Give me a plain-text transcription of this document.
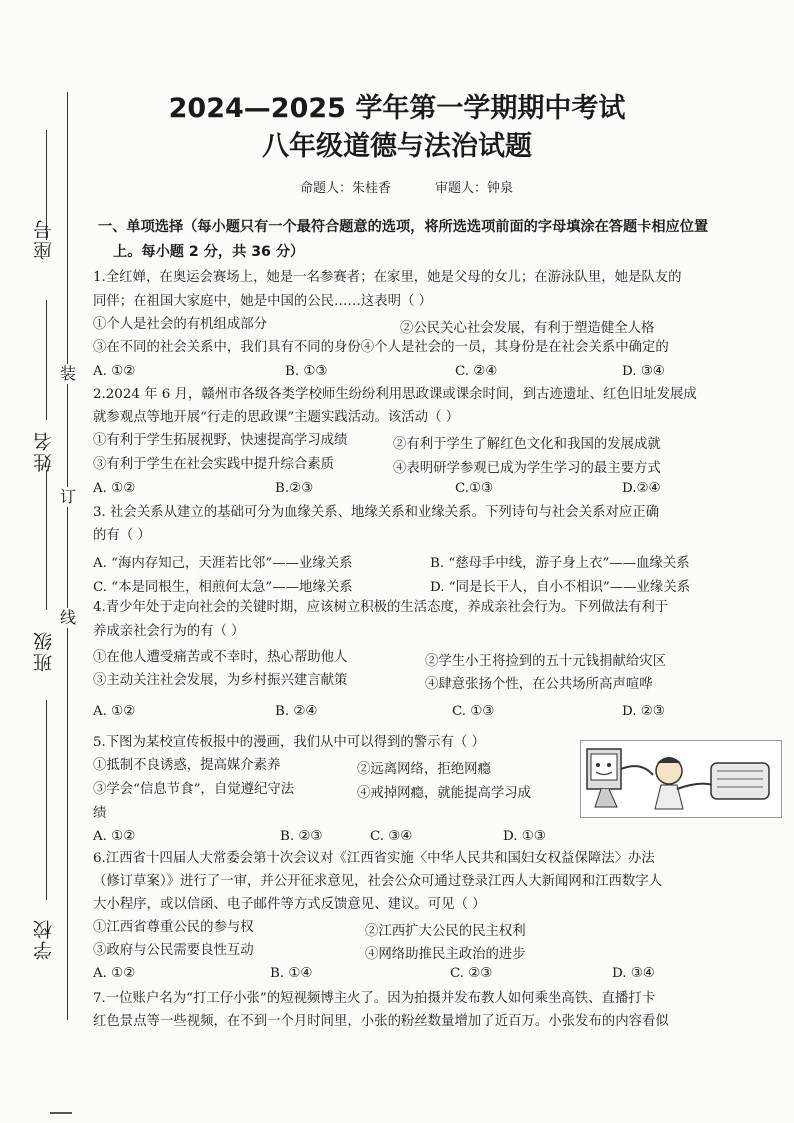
座号
姓名
班级
学校
装
订
线
2024—2025 学年第一学期期中考试
八年级道德与法治试题
命题人：朱桂香	审题人：钟泉
一、单项选择（每小题只有一个最符合题意的选项，将所选选项前面的字母填涂在答题卡相应位置
上。每小题 2 分，共 36 分）
1.全红婵，在奥运会赛场上，她是一名参赛者；在家里，她是父母的女儿；在游泳队里，她是队友的
同伴；在祖国大家庭中，她是中国的公民……这表明（ ）
①个人是社会的有机组成部分	②公民关心社会发展，有利于塑造健全人格
③在不同的社会关系中，我们具有不同的身份④个人是社会的一员，其身份是在社会关系中确定的
A. ①②	B. ①③	C. ②④	D. ③④
2.2024 年 6 月，赣州市各级各类学校师生纷纷利用思政课或课余时间，到古迹遗址、红色旧址发展成
就参观点等地开展“行走的思政课”主题实践活动。该活动（ ）
①有利于学生拓展视野，快速提高学习成绩	②有利于学生了解红色文化和我国的发展成就
③有利于学生在社会实践中提升综合素质	④表明研学参观已成为学生学习的最主要方式
A. ①②	B.②③	C.①③	D.②④
3. 社会关系从建立的基础可分为血缘关系、地缘关系和业缘关系。下列诗句与社会关系对应正确
的有（ ）
A. “海内存知己，天涯若比邻”——业缘关系	B. “慈母手中线，游子身上衣”——血缘关系
C. “本是同根生，相煎何太急”——地缘关系	D. “同是长干人，自小不相识”——业缘关系
4.青少年处于走向社会的关键时期，应该树立积极的生活态度，养成亲社会行为。下列做法有利于
养成亲社会行为的有（ ）
①在他人遭受痛苦或不幸时，热心帮助他人	②学生小王将捡到的五十元钱捐献给灾区
③主动关注社会发展，为乡村振兴建言献策	④肆意张扬个性，在公共场所高声喧哗
A. ①②	B. ②④	C. ①③	D. ②③
5.下图为某校宣传板报中的漫画，我们从中可以得到的警示有（ ）
①抵制不良诱惑，提高媒介素养	②远离网络，拒绝网瘾
③学会“信息节食”，自觉遵纪守法	④戒掉网瘾，就能提高学习成
绩
A. ①②	B. ②③	C. ③④	D. ①③
6.江西省十四届人大常委会第十次会议对《江西省实施〈中华人民共和国妇女权益保障法〉办法
（修订草案）》进行了一审，并公开征求意见，社会公众可通过登录江西人大新闻网和江西数字人
大小程序，或以信函、电子邮件等方式反馈意见、建议。可见（ ）
①江西省尊重公民的参与权	②江西扩大公民的民主权利
③政府与公民需要良性互动	④网络助推民主政治的进步
A. ①②	B. ①④	C. ②③	D. ③④
7.一位账户名为“打工仔小张”的短视频博主火了。因为拍摄并发布教人如何乘坐高铁、直播打卡
红色景点等一些视频，在不到一个月时间里，小张的粉丝数量增加了近百万。小张发布的内容看似
